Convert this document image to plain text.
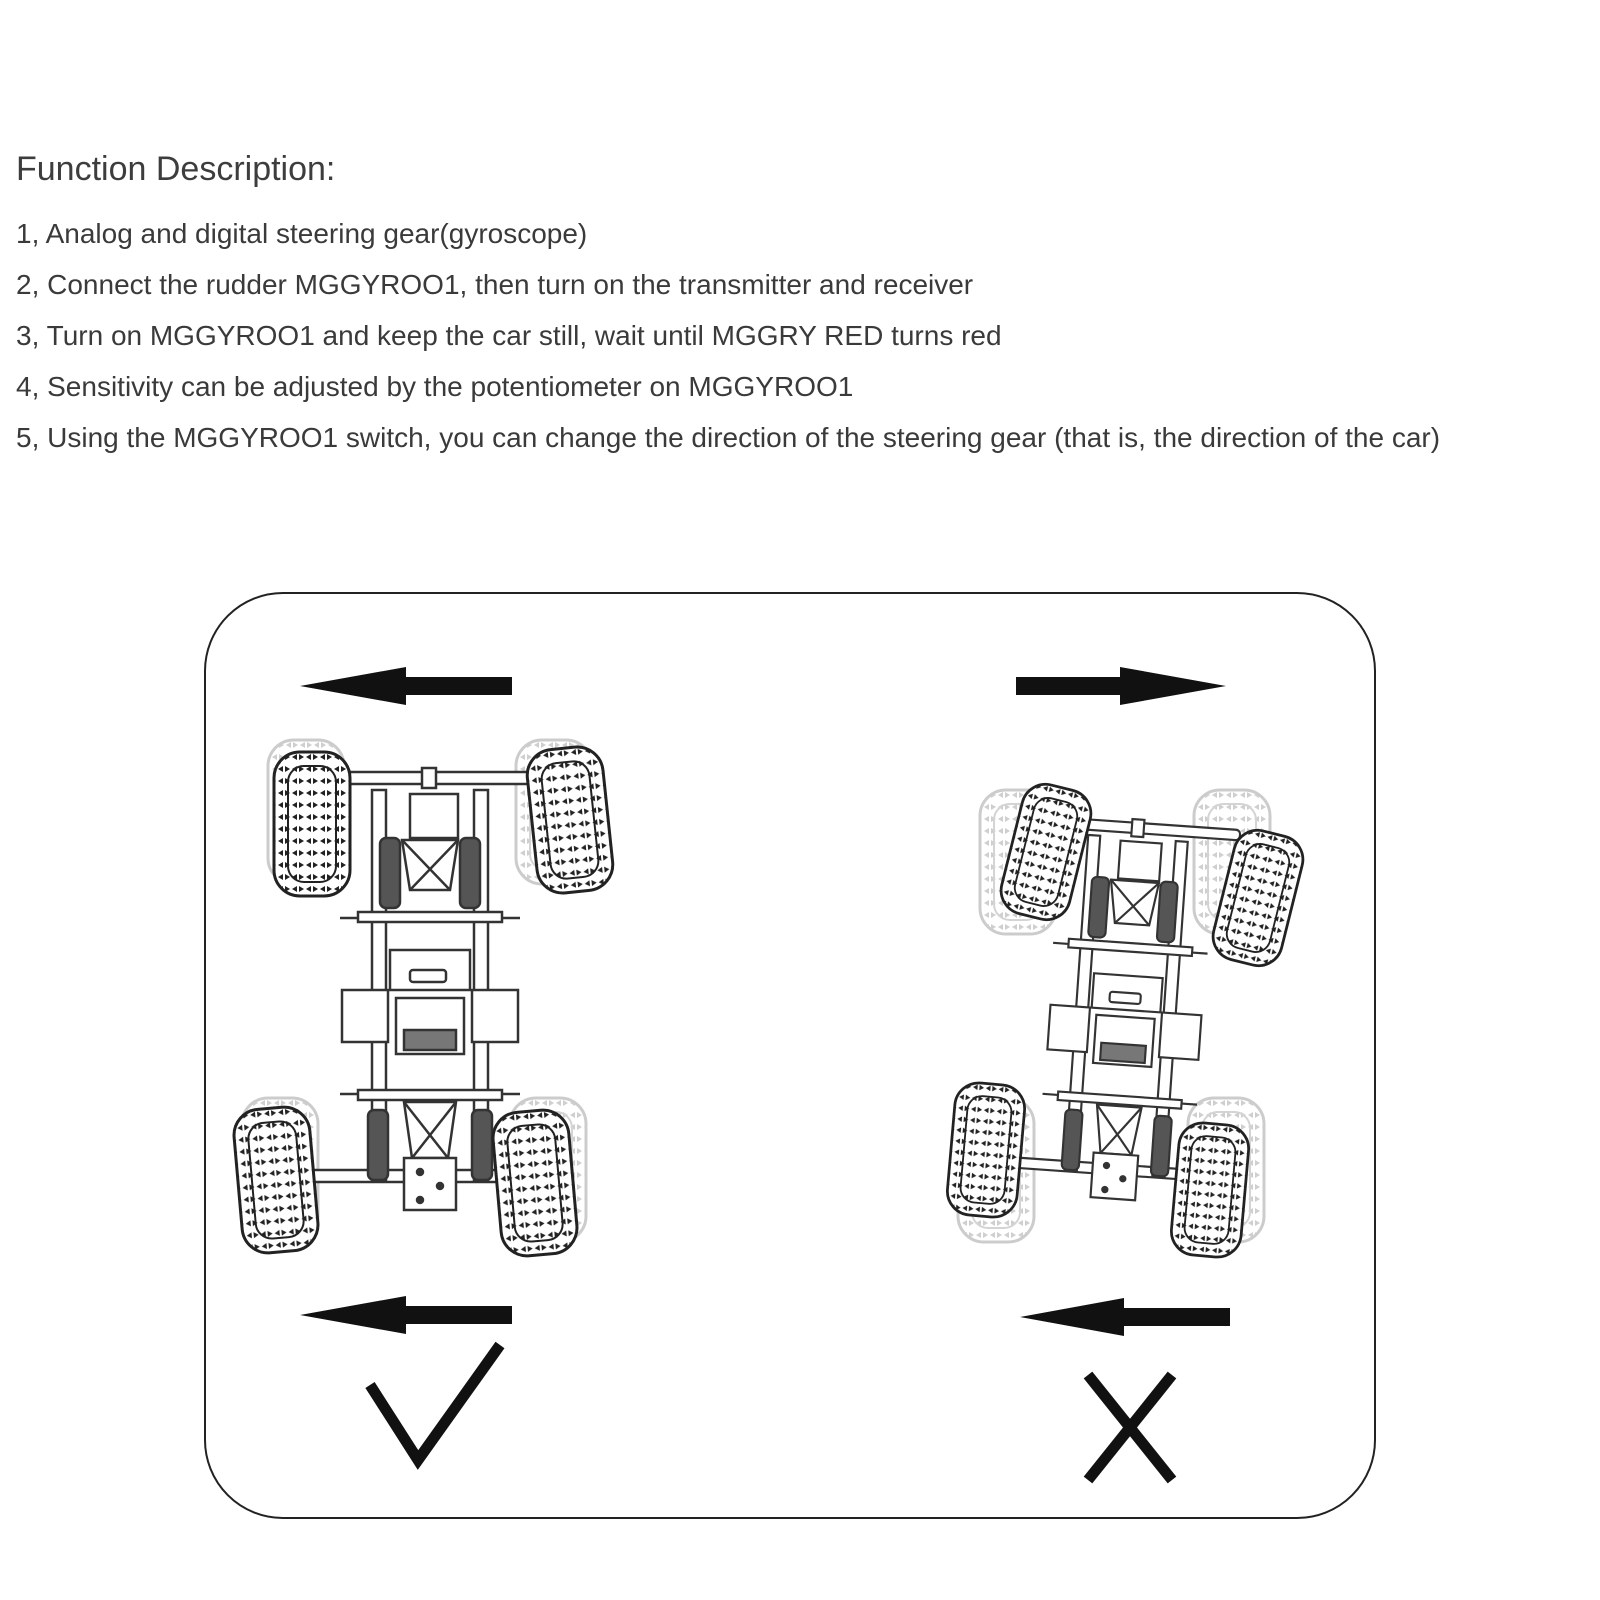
Function Description:
1, Analog and digital steering gear(gyroscope)
2, Connect the rudder MGGYROO1, then turn on the transmitter and receiver
3, Turn on MGGYROO1 and keep the car still, wait until MGGRY RED turns red
4, Sensitivity can be adjusted by the potentiometer on MGGYROO1
5, Using the MGGYROO1 switch, you can change the direction of the steering gear (that is, the direction of the car)
